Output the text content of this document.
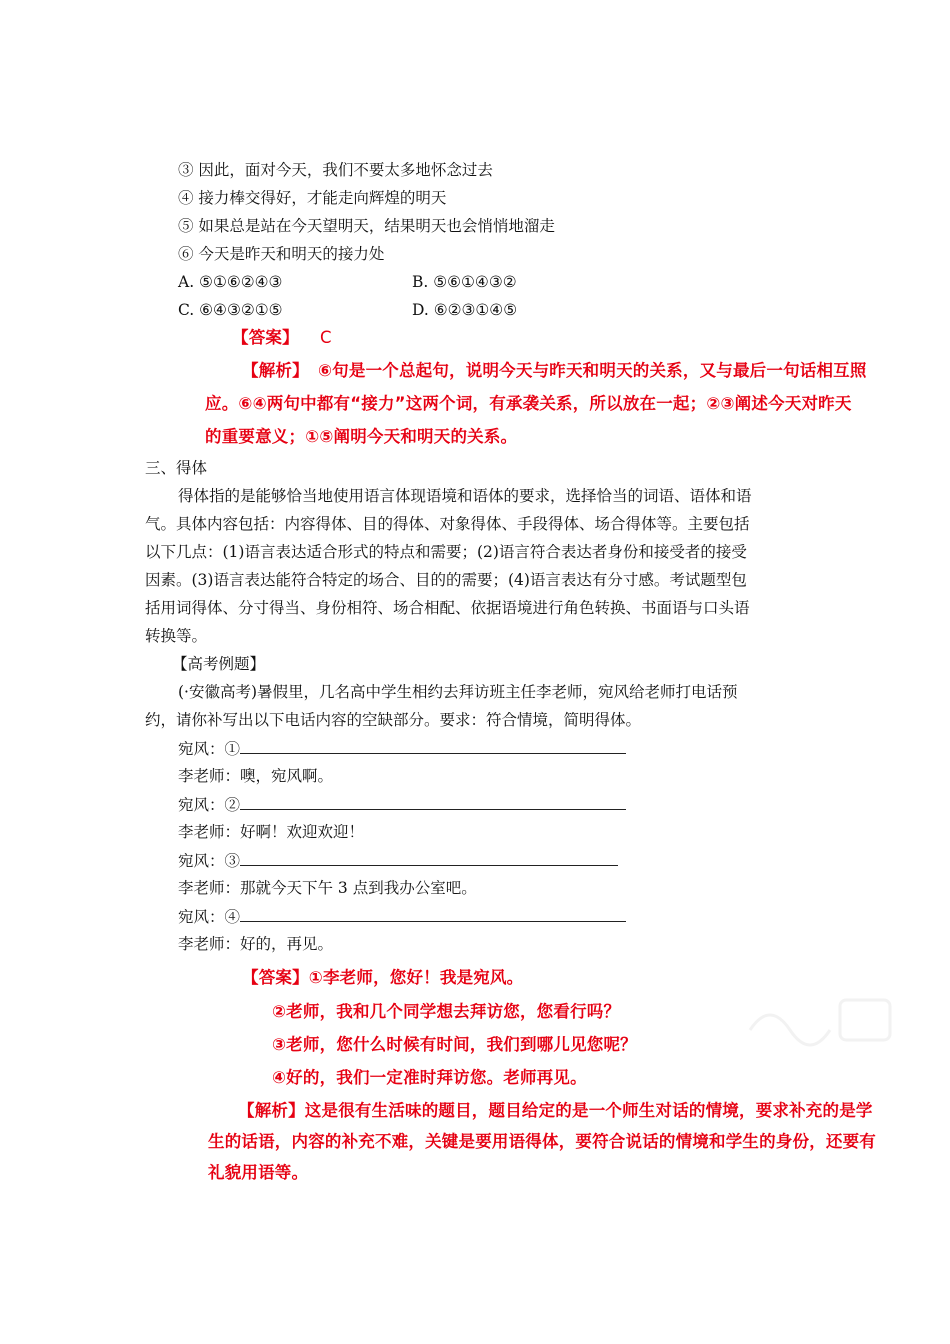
③ 因此，面对今天，我们不要太多地怀念过去
④ 接力棒交得好，才能走向辉煌的明天
⑤ 如果总是站在今天望明天，结果明天也会悄悄地溜走
⑥ 今天是昨天和明天的接力处
A. ⑤①⑥②④③	B. ⑤⑥①④③②
C. ⑥④③②①⑤	D. ⑥②③①④⑤
【答案】 C
【解析】 ⑥句是一个总起句，说明今天与昨天和明天的关系，又与最后一句话相互照
应。⑥④两句中都有“接力”这两个词，有承袭关系，所以放在一起；②③阐述今天对昨天
的重要意义；①⑤阐明今天和明天的关系。
三、得体
得体指的是能够恰当地使用语言体现语境和语体的要求，选择恰当的词语、语体和语
气。具体内容包括：内容得体、目的得体、对象得体、手段得体、场合得体等。主要包括
以下几点：(1)语言表达适合形式的特点和需要；(2)语言符合表达者身份和接受者的接受
因素。(3)语言表达能符合特定的场合、目的的需要；(4)语言表达有分寸感。考试题型包
括用词得体、分寸得当、身份相符、场合相配、依据语境进行角色转换、书面语与口头语
转换等。
【高考例题】
(·安徽高考)暑假里，几名高中学生相约去拜访班主任李老师，宛风给老师打电话预
约，请你补写出以下电话内容的空缺部分。要求：符合情境，简明得体。
宛风：①
李老师：噢，宛风啊。
宛风：②
李老师：好啊！欢迎欢迎！
宛风：③
李老师：那就今天下午 3 点到我办公室吧。
宛风：④
李老师：好的，再见。
【答案】①李老师，您好！我是宛风。
②老师，我和几个同学想去拜访您，您看行吗？
③老师，您什么时候有时间，我们到哪儿见您呢？
④好的，我们一定准时拜访您。老师再见。
【解析】这是很有生活味的题目，题目给定的是一个师生对话的情境，要求补充的是学
生的话语，内容的补充不难，关键是要用语得体，要符合说话的情境和学生的身份，还要有
礼貌用语等。
